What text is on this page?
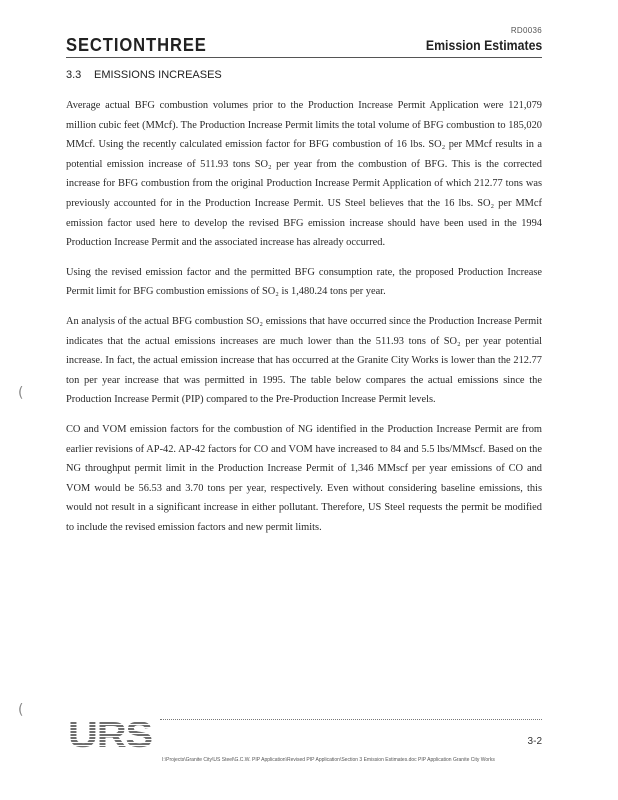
RD0036
SECTIONTHREE	Emission Estimates
3.3 EMISSIONS INCREASES

Average actual BFG combustion volumes prior to the Production Increase Permit Application were 121,079 million cubic feet (MMcf). The Production Increase Permit limits the total volume of BFG combustion to 185,020 MMcf. Using the recently calculated emission factor for BFG combustion of 16 lbs. SO₂ per MMcf results in a potential emission increase of 511.93 tons SO₂ per year from the combustion of BFG. This is the corrected increase for BFG combustion from the original Production Increase Permit Application of which 212.77 tons was previously accounted for in the Production Increase Permit. US Steel believes that the 16 lbs. SO₂ per MMcf emission factor used here to develop the revised BFG emission increase should have been used in the 1994 Production Increase Permit and the associated increase has already occurred.

Using the revised emission factor and the permitted BFG consumption rate, the proposed Production Increase Permit limit for BFG combustion emissions of SO₂ is 1,480.24 tons per year.

An analysis of the actual BFG combustion SO₂ emissions that have occurred since the Production Increase Permit indicates that the actual emissions increases are much lower than the 511.93 tons of SO₂ per year potential increase. In fact, the actual emission increase that has occurred at the Granite City Works is lower than the 212.77 ton per year increase that was permitted in 1995. The table below compares the actual emissions since the Production Increase Permit (PIP) compared to the Pre-Production Increase Permit levels.

CO and VOM emission factors for the combustion of NG identified in the Production Increase Permit are from earlier revisions of AP-42. AP-42 factors for CO and VOM have increased to 84 and 5.5 lbs/MMscf. Based on the NG throughput permit limit in the Production Increase Permit of 1,346 MMscf per year emissions of CO and VOM would be 56.53 and 3.70 tons per year, respectively. Even without considering baseline emissions, this would not result in a significant increase in either pollutant. Therefore, US Steel requests the permit be modified to include the revised emission factors and new permit limits.

(
(
URS	3-2
I:\Projects\Granite City\US Steel\G.C.W. PIP Application\Revised PIP Application\Section 3 Emission Estimates.doc PIP Application Granite City Works
